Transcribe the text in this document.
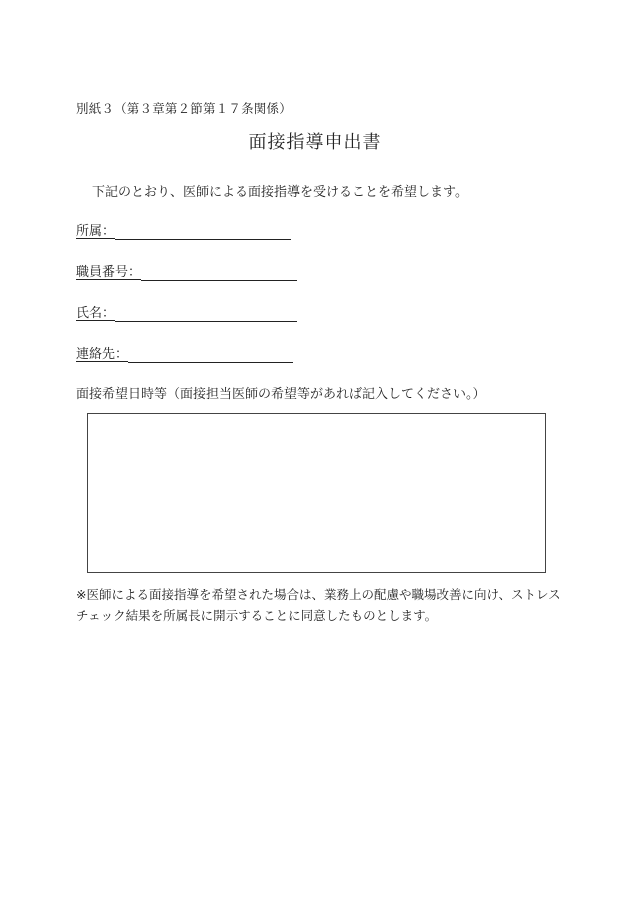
別紙３（第３章第２節第１７条関係）
面接指導申出書
下記のとおり、医師による面接指導を受けることを希望します。
所属：
職員番号：
氏名：
連絡先：
面接希望日時等（面接担当医師の希望等があれば記入してください。）
※医師による面接指導を希望された場合は、業務上の配慮や職場改善に向け、ストレス
チェック結果を所属長に開示することに同意したものとします。
